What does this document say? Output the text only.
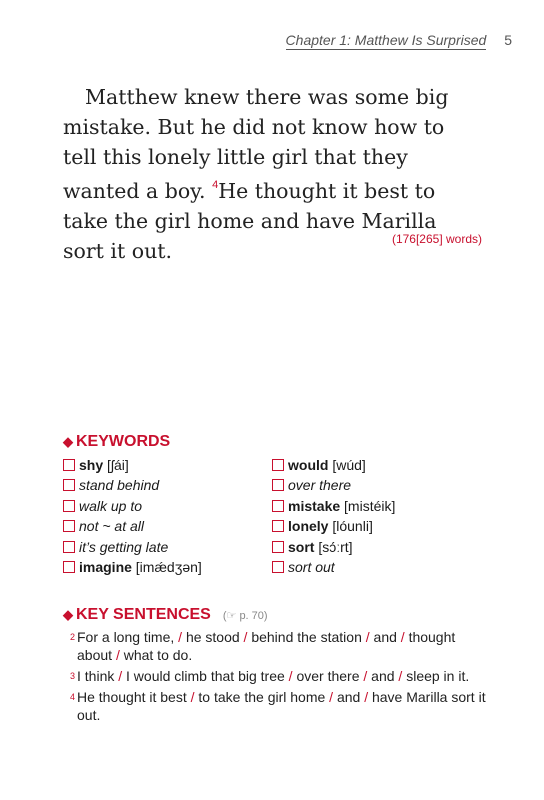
Chapter 1: Matthew Is Surprised 5

Matthew knew there was some big mistake. But he did not know how to tell this lonely little girl that they wanted a boy. $^4$He thought it best to take the girl home and have Marilla sort it out.	(176[265] words)
◆ KEYWORDS
shy [ʃái]
stand behind
walk up to
not ~ at all
it’s getting late
imagine [imǽdʒən]
would [wúd]
over there
mistake [mistéik]
lonely [lóunli]
sort [sɔ́ːrt]
sort out
◆ KEY SENTENCES (☞ p. 70)
2 For a long time, / he stood / behind the station / and / thought about / what to do.
3 I think / I would climb that big tree / over there / and / sleep in it.
4 He thought it best / to take the girl home / and / have Marilla sort it out.
